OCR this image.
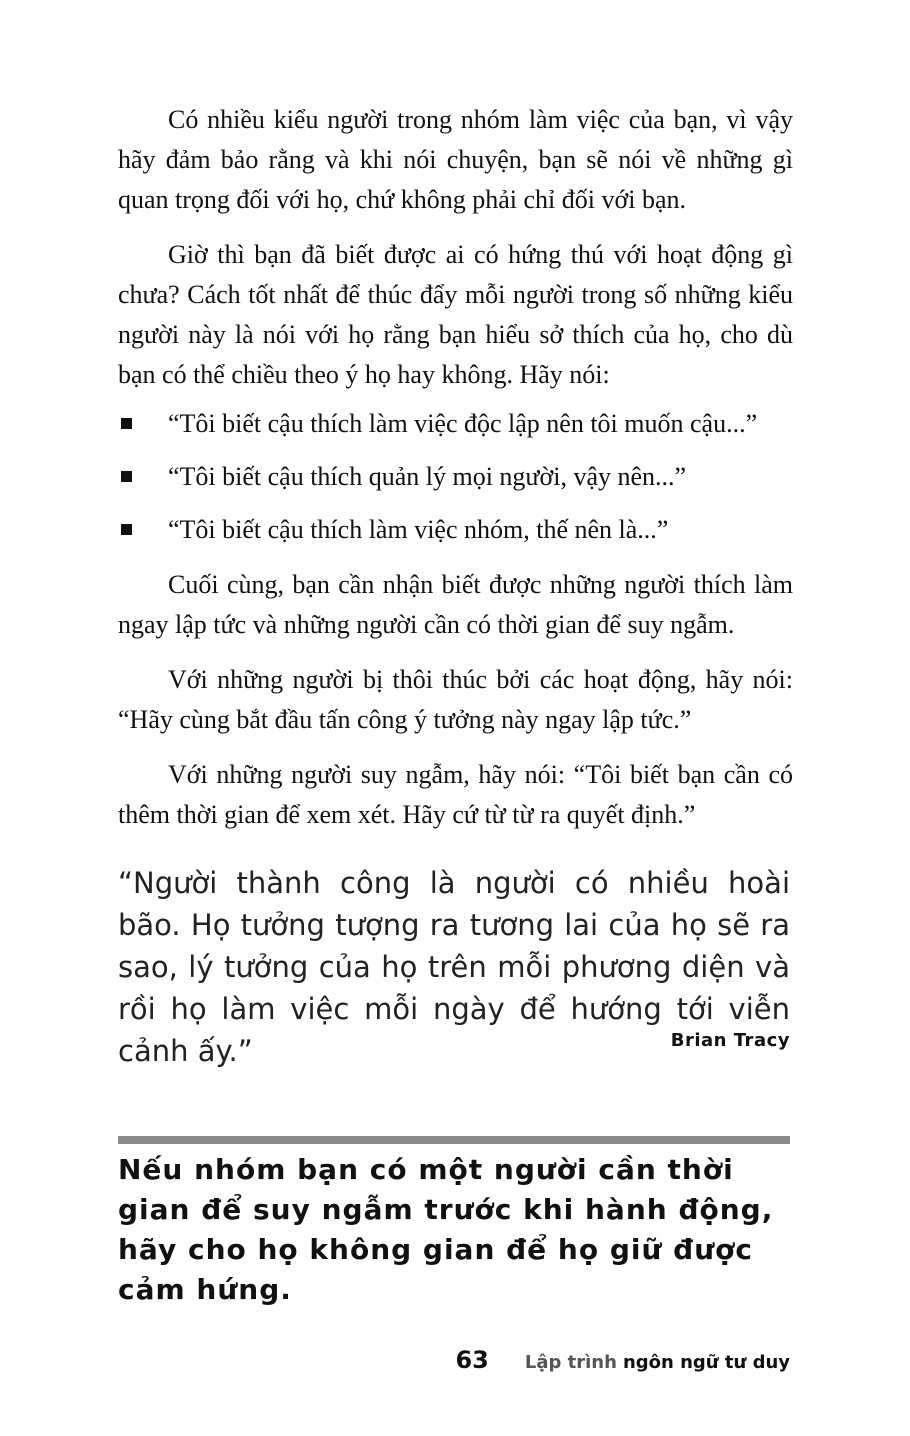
Có nhiều kiểu người trong nhóm làm việc của bạn, vì vậy hãy đảm bảo rằng và khi nói chuyện, bạn sẽ nói về những gì quan trọng đối với họ, chứ không phải chỉ đối với bạn.

Giờ thì bạn đã biết được ai có hứng thú với hoạt động gì chưa? Cách tốt nhất để thúc đẩy mỗi người trong số những kiểu người này là nói với họ rằng bạn hiểu sở thích của họ, cho dù bạn có thể chiều theo ý họ hay không. Hãy nói:

“Tôi biết cậu thích làm việc độc lập nên tôi muốn cậu...”
“Tôi biết cậu thích quản lý mọi người, vậy nên...”
“Tôi biết cậu thích làm việc nhóm, thế nên là...”

Cuối cùng, bạn cần nhận biết được những người thích làm ngay lập tức và những người cần có thời gian để suy ngẫm.

Với những người bị thôi thúc bởi các hoạt động, hãy nói: “Hãy cùng bắt đầu tấn công ý tưởng này ngay lập tức.”

Với những người suy ngẫm, hãy nói: “Tôi biết bạn cần có thêm thời gian để xem xét. Hãy cứ từ từ ra quyết định.”

“Người thành công là người có nhiều hoài bão. Họ tưởng tượng ra tương lai của họ sẽ ra sao, lý tưởng của họ trên mỗi phương diện và rồi họ làm việc mỗi ngày để hướng tới viễn cảnh ấy.”	Brian Tracy

Nếu nhóm bạn có một người cần thời gian để suy ngẫm trước khi hành động, hãy cho họ không gian để họ giữ được cảm hứng.

63 Lập trình ngôn ngữ tư duy
